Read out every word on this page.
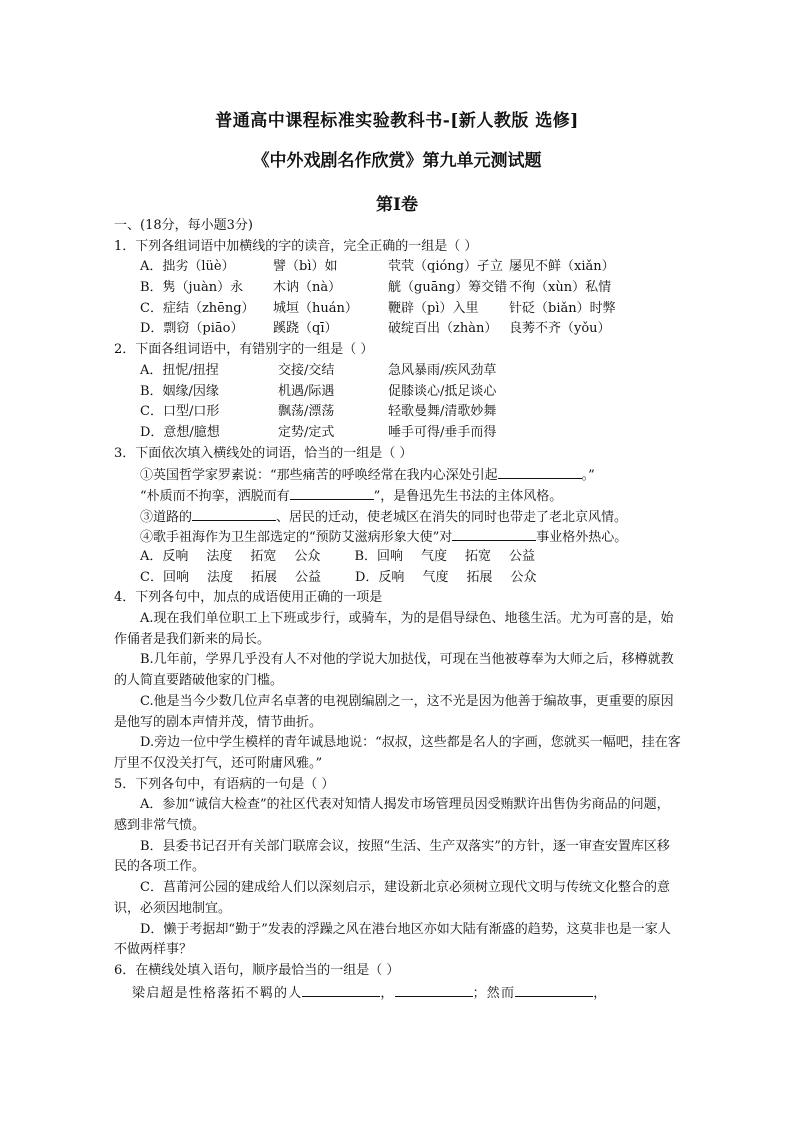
普通高中课程标准实验教科书-[新人教版 选修]
《中外戏剧名作欣赏》第九单元测试题
第Ⅰ卷
一、(18分，每小题3分)
1．下列各组词语中加横线的字的读音，完全正确的一组是（ ）
A．拙劣（lüè）	譬（bì）如	茕茕（qióng）孑立 屡见不鲜（xiǎn）
B．隽（juàn）永	木讷（nà）	觥（guāng）筹交错 不徇（xùn）私情
C．症结（zhēng）	城垣（huán）	鞭辟（pì）入里	针砭（biǎn）时弊
D．剽窃（piāo）	蹊跷（qī）	破绽百出（zhàn） 良莠不齐（yǒu）
2．下面各组词语中，有错别字的一组是（ ）
A．扭怩/扭捏	交接/交结	急风暴雨/疾风劲草
B．姻缘/因缘	机遇/际遇	促膝谈心/抵足谈心
C．口型/口形	飘荡/漂荡	轻歌曼舞/清歌妙舞
D．意想/臆想	定势/定式	唾手可得/垂手而得
3．下面依次填入横线处的词语，恰当的一组是（ ）
①英国哲学家罗素说：“那些痛苦的呼唤经常在我内心深处引起	。”
“朴质而不拘挛，洒脱而有	”，是鲁迅先生书法的主体风格。
③道路的	、居民的迁动，使老城区在消失的同时也带走了老北京风情。
④歌手祖海作为卫生部选定的“预防艾滋病形象大使”对	事业格外热心。
A．反响 法度 拓宽 公众	B．回响 气度 拓宽 公益
C．回响 法度 拓展 公益	D．反响 气度 拓展 公众
4．下列各句中，加点的成语使用正确的一项是
A.现在我们单位职工上下班或步行，或骑车，为的是倡导绿色、地毯生活。尤为可喜的是，始作俑者是我们新来的局长。
B.几年前，学界几乎没有人不对他的学说大加挞伐，可现在当他被尊奉为大师之后，移樽就教的人简直要踏破他家的门槛。
C.他是当今少数几位声名卓著的电视剧编剧之一，这不光是因为他善于编故事，更重要的原因是他写的剧本声情并茂，情节曲折。
D.旁边一位中学生模样的青年诚恳地说：“叔叔，这些都是名人的字画，您就买一幅吧，挂在客厅里不仅没关打气，还可附庸风雅。”
5．下列各句中，有语病的一句是（ ）
A．参加“诚信大检查”的社区代表对知情人揭发市场管理员因受贿默许出售伪劣商品的问题，感到非常气愤。
B．县委书记召开有关部门联席会议，按照“生活、生产双落实”的方针，逐一审查安置库区移民的各项工作。
C．菖莆河公园的建成给人们以深刻启示，建设新北京必须树立现代文明与传统文化整合的意识，必须因地制宜。
D．懒于考据却“勤于”发表的浮躁之风在港台地区亦如大陆有渐盛的趋势，这莫非也是一家人不做两样事？
6．在横线处填入语句，顺序最恰当的一组是（ ）
梁启超是性格落拓不羁的人	，	；然而	，
